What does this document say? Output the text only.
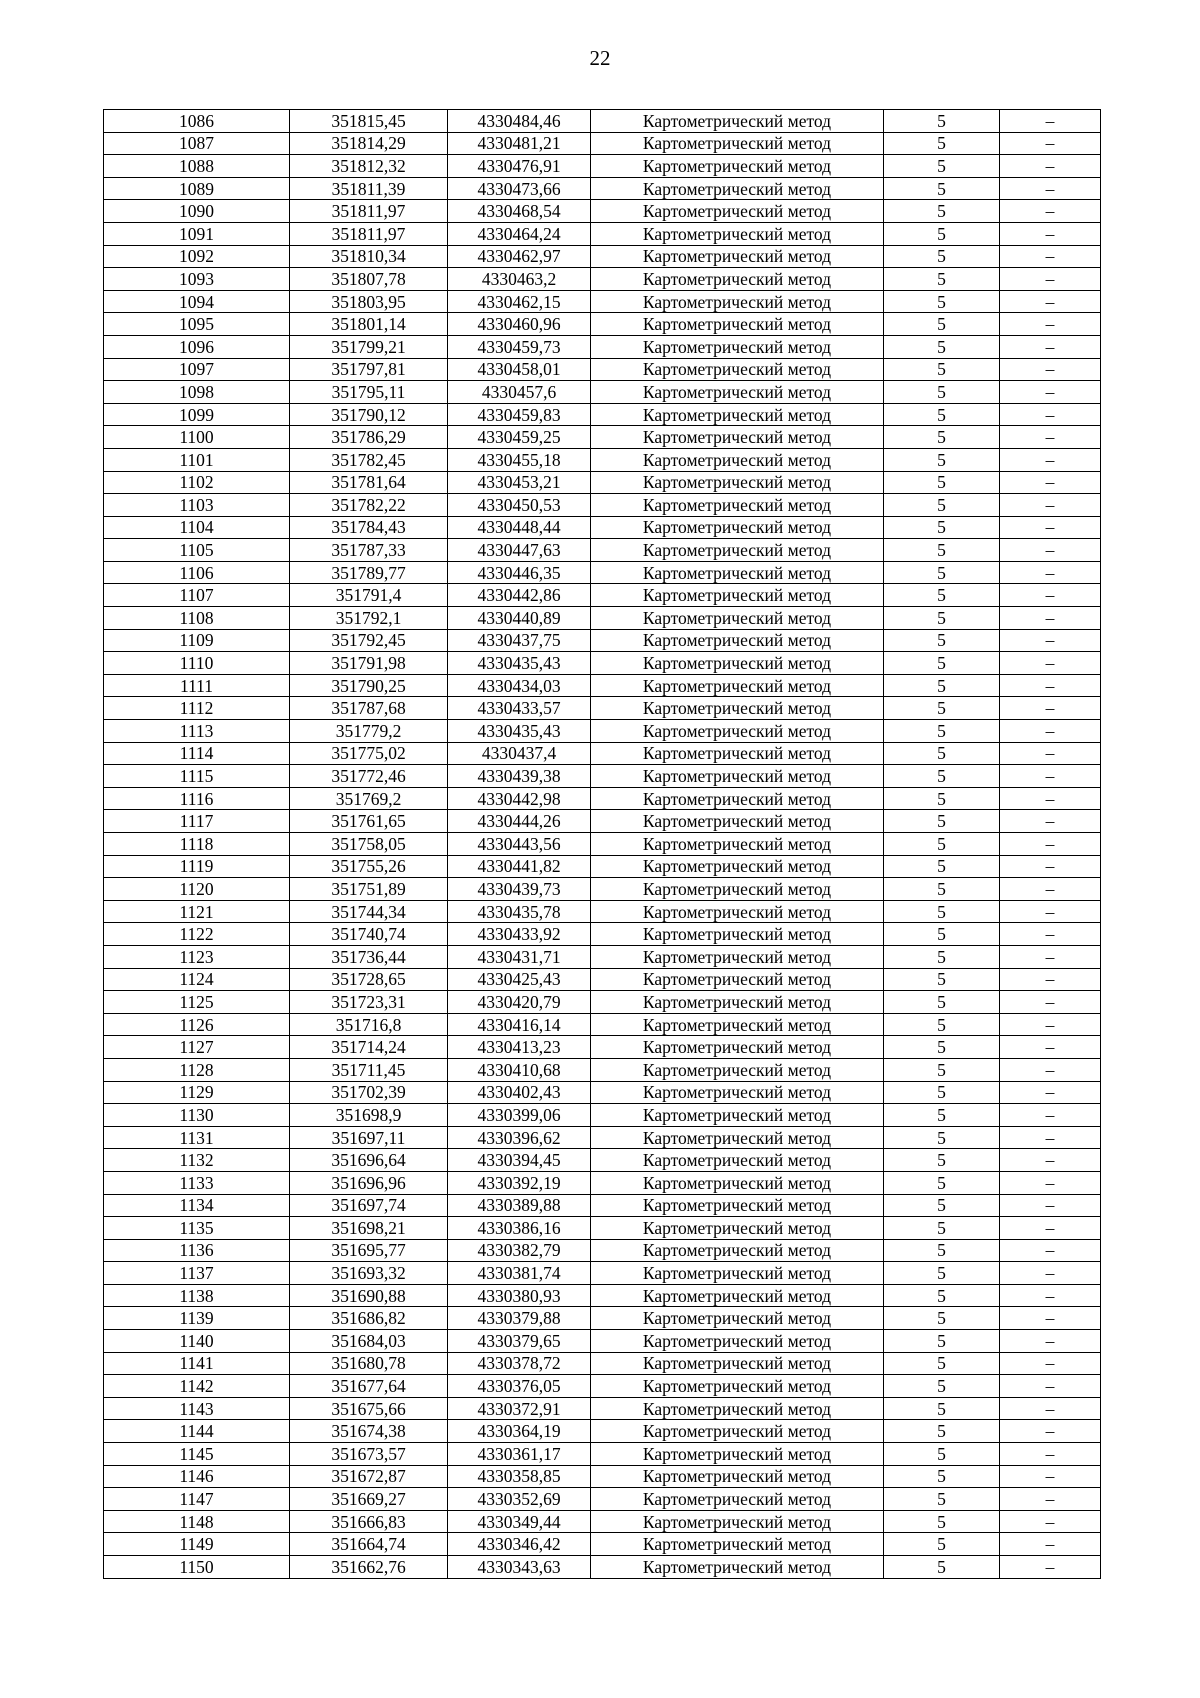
22
1086	351815,45	4330484,46	Картометрический метод	5	–
1087	351814,29	4330481,21	Картометрический метод	5	–
1088	351812,32	4330476,91	Картометрический метод	5	–
1089	351811,39	4330473,66	Картометрический метод	5	–
1090	351811,97	4330468,54	Картометрический метод	5	–
1091	351811,97	4330464,24	Картометрический метод	5	–
1092	351810,34	4330462,97	Картометрический метод	5	–
1093	351807,78	4330463,2	Картометрический метод	5	–
1094	351803,95	4330462,15	Картометрический метод	5	–
1095	351801,14	4330460,96	Картометрический метод	5	–
1096	351799,21	4330459,73	Картометрический метод	5	–
1097	351797,81	4330458,01	Картометрический метод	5	–
1098	351795,11	4330457,6	Картометрический метод	5	–
1099	351790,12	4330459,83	Картометрический метод	5	–
1100	351786,29	4330459,25	Картометрический метод	5	–
1101	351782,45	4330455,18	Картометрический метод	5	–
1102	351781,64	4330453,21	Картометрический метод	5	–
1103	351782,22	4330450,53	Картометрический метод	5	–
1104	351784,43	4330448,44	Картометрический метод	5	–
1105	351787,33	4330447,63	Картометрический метод	5	–
1106	351789,77	4330446,35	Картометрический метод	5	–
1107	351791,4	4330442,86	Картометрический метод	5	–
1108	351792,1	4330440,89	Картометрический метод	5	–
1109	351792,45	4330437,75	Картометрический метод	5	–
1110	351791,98	4330435,43	Картометрический метод	5	–
1111	351790,25	4330434,03	Картометрический метод	5	–
1112	351787,68	4330433,57	Картометрический метод	5	–
1113	351779,2	4330435,43	Картометрический метод	5	–
1114	351775,02	4330437,4	Картометрический метод	5	–
1115	351772,46	4330439,38	Картометрический метод	5	–
1116	351769,2	4330442,98	Картометрический метод	5	–
1117	351761,65	4330444,26	Картометрический метод	5	–
1118	351758,05	4330443,56	Картометрический метод	5	–
1119	351755,26	4330441,82	Картометрический метод	5	–
1120	351751,89	4330439,73	Картометрический метод	5	–
1121	351744,34	4330435,78	Картометрический метод	5	–
1122	351740,74	4330433,92	Картометрический метод	5	–
1123	351736,44	4330431,71	Картометрический метод	5	–
1124	351728,65	4330425,43	Картометрический метод	5	–
1125	351723,31	4330420,79	Картометрический метод	5	–
1126	351716,8	4330416,14	Картометрический метод	5	–
1127	351714,24	4330413,23	Картометрический метод	5	–
1128	351711,45	4330410,68	Картометрический метод	5	–
1129	351702,39	4330402,43	Картометрический метод	5	–
1130	351698,9	4330399,06	Картометрический метод	5	–
1131	351697,11	4330396,62	Картометрический метод	5	–
1132	351696,64	4330394,45	Картометрический метод	5	–
1133	351696,96	4330392,19	Картометрический метод	5	–
1134	351697,74	4330389,88	Картометрический метод	5	–
1135	351698,21	4330386,16	Картометрический метод	5	–
1136	351695,77	4330382,79	Картометрический метод	5	–
1137	351693,32	4330381,74	Картометрический метод	5	–
1138	351690,88	4330380,93	Картометрический метод	5	–
1139	351686,82	4330379,88	Картометрический метод	5	–
1140	351684,03	4330379,65	Картометрический метод	5	–
1141	351680,78	4330378,72	Картометрический метод	5	–
1142	351677,64	4330376,05	Картометрический метод	5	–
1143	351675,66	4330372,91	Картометрический метод	5	–
1144	351674,38	4330364,19	Картометрический метод	5	–
1145	351673,57	4330361,17	Картометрический метод	5	–
1146	351672,87	4330358,85	Картометрический метод	5	–
1147	351669,27	4330352,69	Картометрический метод	5	–
1148	351666,83	4330349,44	Картометрический метод	5	–
1149	351664,74	4330346,42	Картометрический метод	5	–
1150	351662,76	4330343,63	Картометрический метод	5	–
